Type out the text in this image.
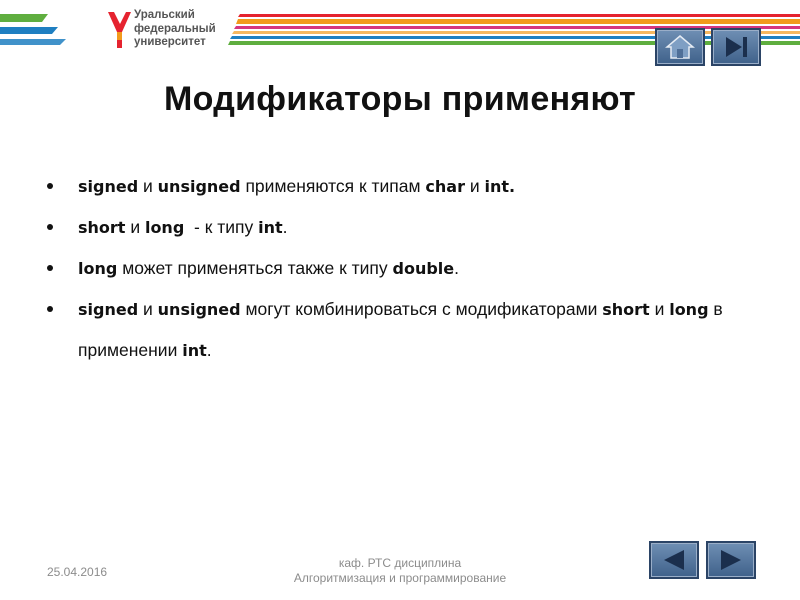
Уральский
федеральный
университет
Модификаторы применяют
signed и unsigned применяются к типам char и int.
short и long  - к типу int.
long может применяться также к типу double.
signed и unsigned могут комбинироваться с модификаторами short и long в применении int.
25.04.2016
каф. РТС дисциплина
Алгоритмизация и программирование
